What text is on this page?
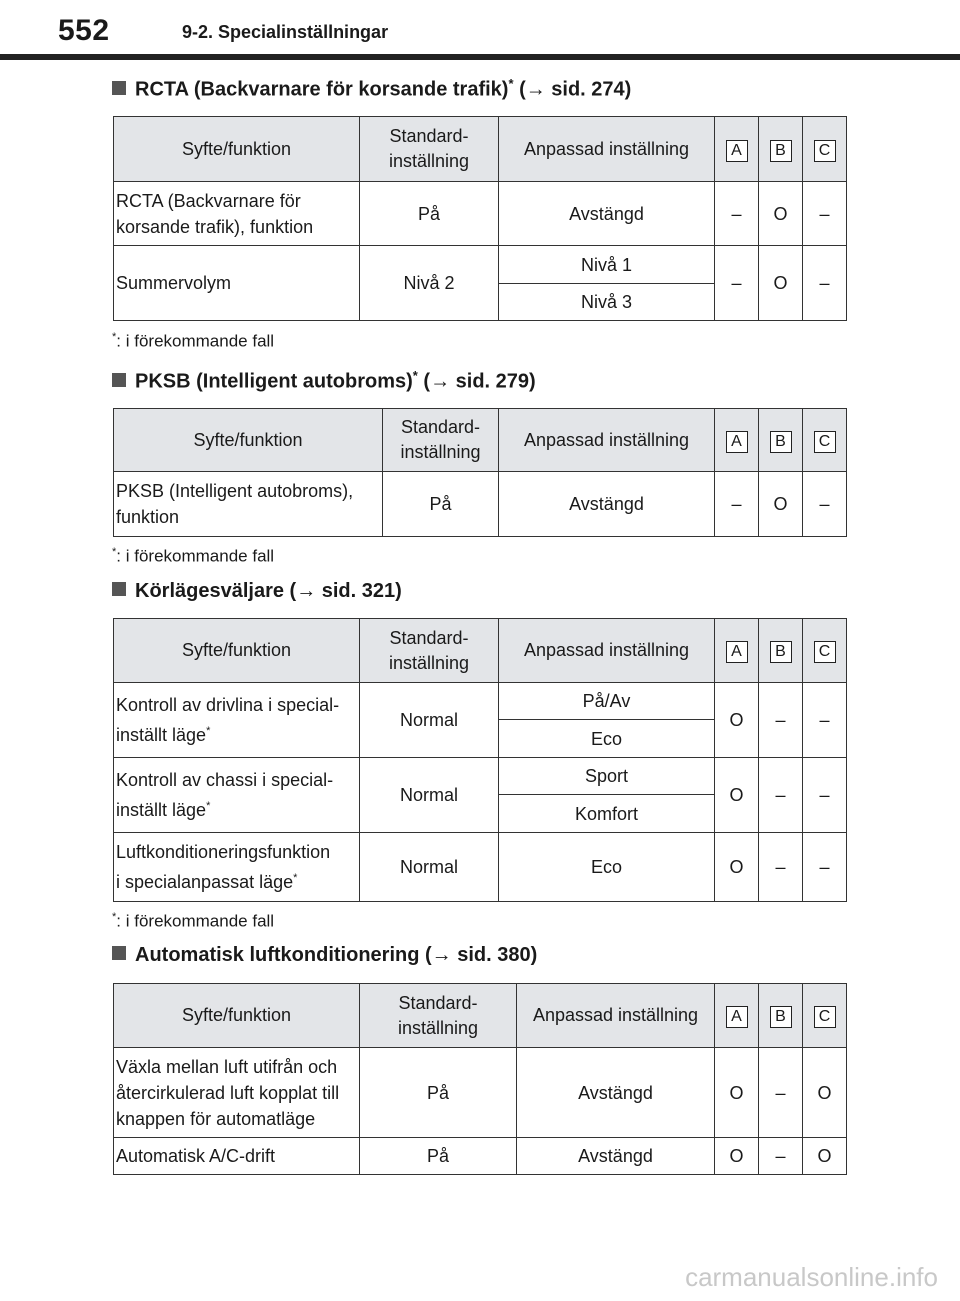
552	9-2. Specialinställningar
RCTA (Backvarnare för korsande trafik)* (→ sid. 274)
Syfte/funktion	Standard-
inställning	Anpassad inställning	A	B	C
RCTA (Backvarnare för
korsande trafik), funktion	På	Avstängd	–	O	–
Summervolym	Nivå 2	Nivå 1	–	O	–
		Nivå 3			
*: i förekommande fall
PKSB (Intelligent autobroms)* (→ sid. 279)
Syfte/funktion	Standard-
inställning	Anpassad inställning	A	B	C
PKSB (Intelligent autobroms),
funktion	På	Avstängd	–	O	–
*: i förekommande fall
Körlägesväljare (→ sid. 321)
Syfte/funktion	Standard-
inställning	Anpassad inställning	A	B	C
Kontroll av drivlina i special-
inställt läge*	Normal	På/Av	O	–	–
		Eco			
Kontroll av chassi i special-
inställt läge*	Normal	Sport	O	–	–
		Komfort			
Luftkonditioneringsfunktion
i specialanpassat läge*	Normal	Eco	O	–	–
*: i förekommande fall
Automatisk luftkonditionering (→ sid. 380)
Syfte/funktion	Standard-
inställning	Anpassad inställning	A	B	C
Växla mellan luft utifrån och
återcirkulerad luft kopplat till
knappen för automatläge	På	Avstängd	O	–	O
Automatisk A/C-drift	På	Avstängd	O	–	O
carmanualsonline.info
